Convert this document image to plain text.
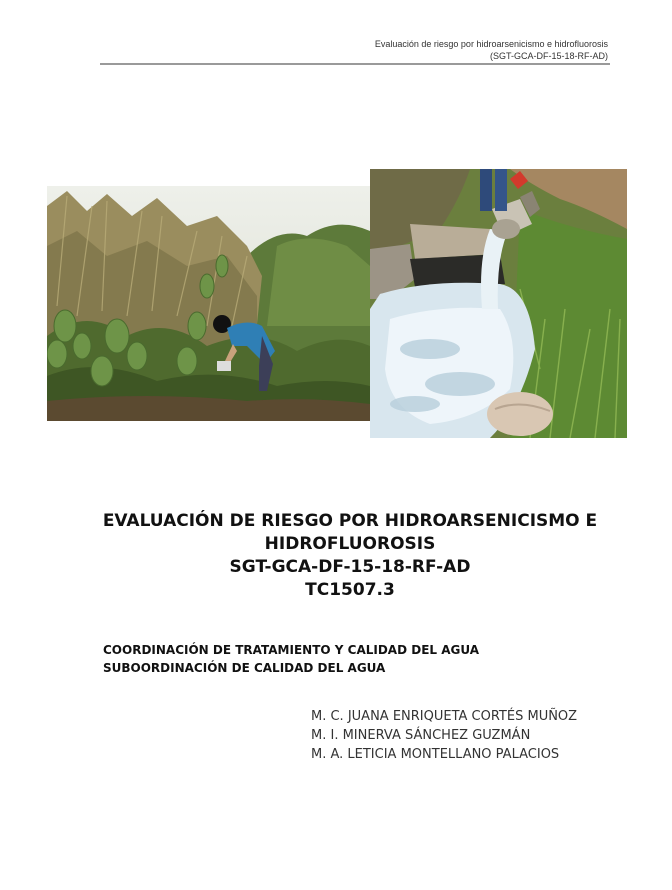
Evaluación de riesgo por hidroarsenicismo e hidrofluorosis
(SGT-GCA-DF-15-18-RF-AD)
EVALUACIÓN DE RIESGO POR HIDROARSENICISMO E
HIDROFLUOROSIS
SGT-GCA-DF-15-18-RF-AD
TC1507.3
COORDINACIÓN DE TRATAMIENTO Y CALIDAD DEL AGUA
SUBOORDINACIÓN DE CALIDAD DEL AGUA
M. C. JUANA ENRIQUETA CORTÉS MUÑOZ
M. I. MINERVA SÁNCHEZ GUZMÁN
M. A. LETICIA MONTELLANO PALACIOS
